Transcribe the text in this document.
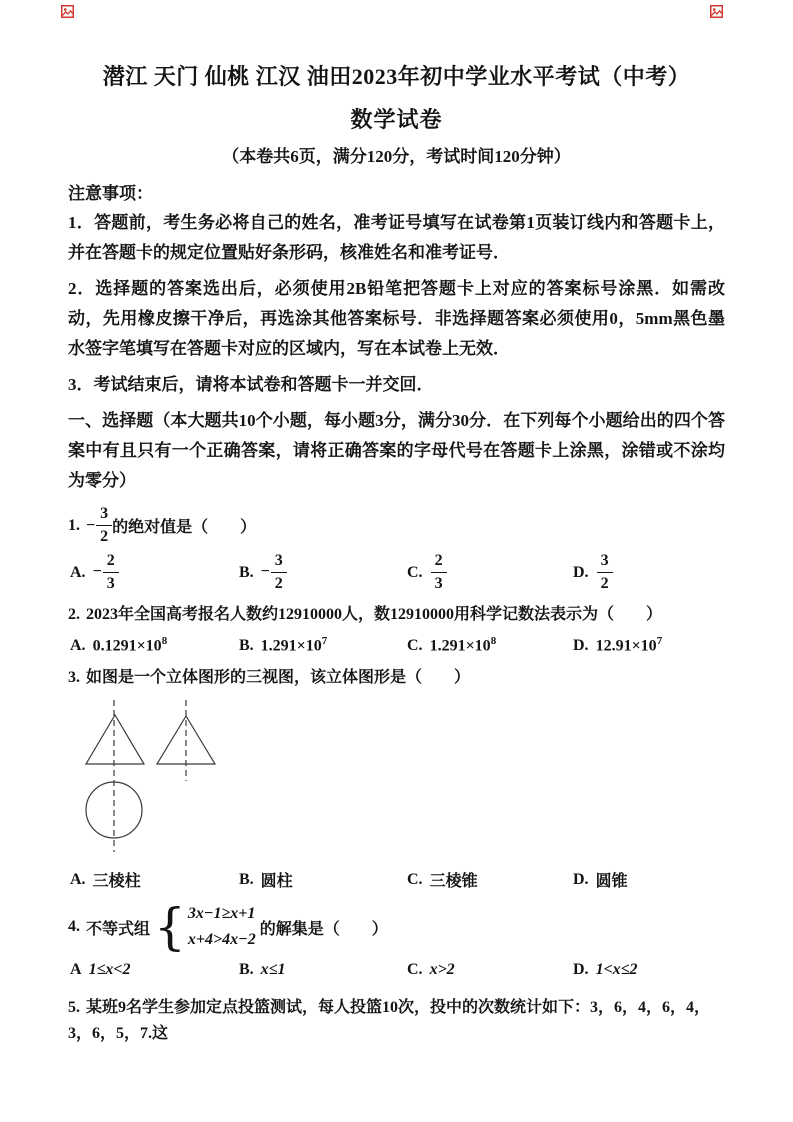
潜江 天门 仙桃 江汉 油田2023年初中学业水平考试（中考）
数学试卷
（本卷共6页，满分120分，考试时间120分钟）

注意事项：

1．答题前，考生务必将自己的姓名，准考证号填写在试卷第1页装订线内和答题卡上，并在答题卡的规定位置贴好条形码，核准姓名和准考证号．

2．选择题的答案选出后，必须使用2B铅笔把答题卡上对应的答案标号涂黑．如需改动，先用橡皮擦干净后，再选涂其他答案标号．非选择题答案必须使用0，5mm黑色墨水签字笔填写在答题卡对应的区域内，写在本试卷上无效．

3．考试结束后，请将本试卷和答题卡一并交回．

一、选择题（本大题共10个小题，每小题3分，满分30分．在下列每个小题给出的四个答案中有且只有一个正确答案，请将正确答案的字母代号在答题卡上涂黑，涂错或不涂均为零分）

1. − $\frac{3}{2}$ 的绝对值是（　　）
A. − $\frac{2}{3}$	B. − $\frac{3}{2}$	C. $\frac{2}{3}$	D. $\frac{3}{2}$

2. 2023年全国高考报名人数约12910000人，数12910000用科学记数法表示为（　　）

A. $0.1291\times 10^8$	B. $1.291\times 10^7$	C. $1.291\times 10^8$	D. $12.91\times 10^7$

3. 如图是一个立体图形的三视图，该立体图形是（　　）

A. 三棱柱	B. 圆柱	C. 三棱锥	D. 圆锥
4. 不等式组 { 3x−1≥x+1
x+4>4x−2
的解集是（　　）
A 1≤x<2	B. x≤1	C. x>2	D. 1<x≤2

5. 某班9名学生参加定点投篮测试，每人投篮10次，投中的次数统计如下：3，6，4，6，4，3，6，5，7.这
